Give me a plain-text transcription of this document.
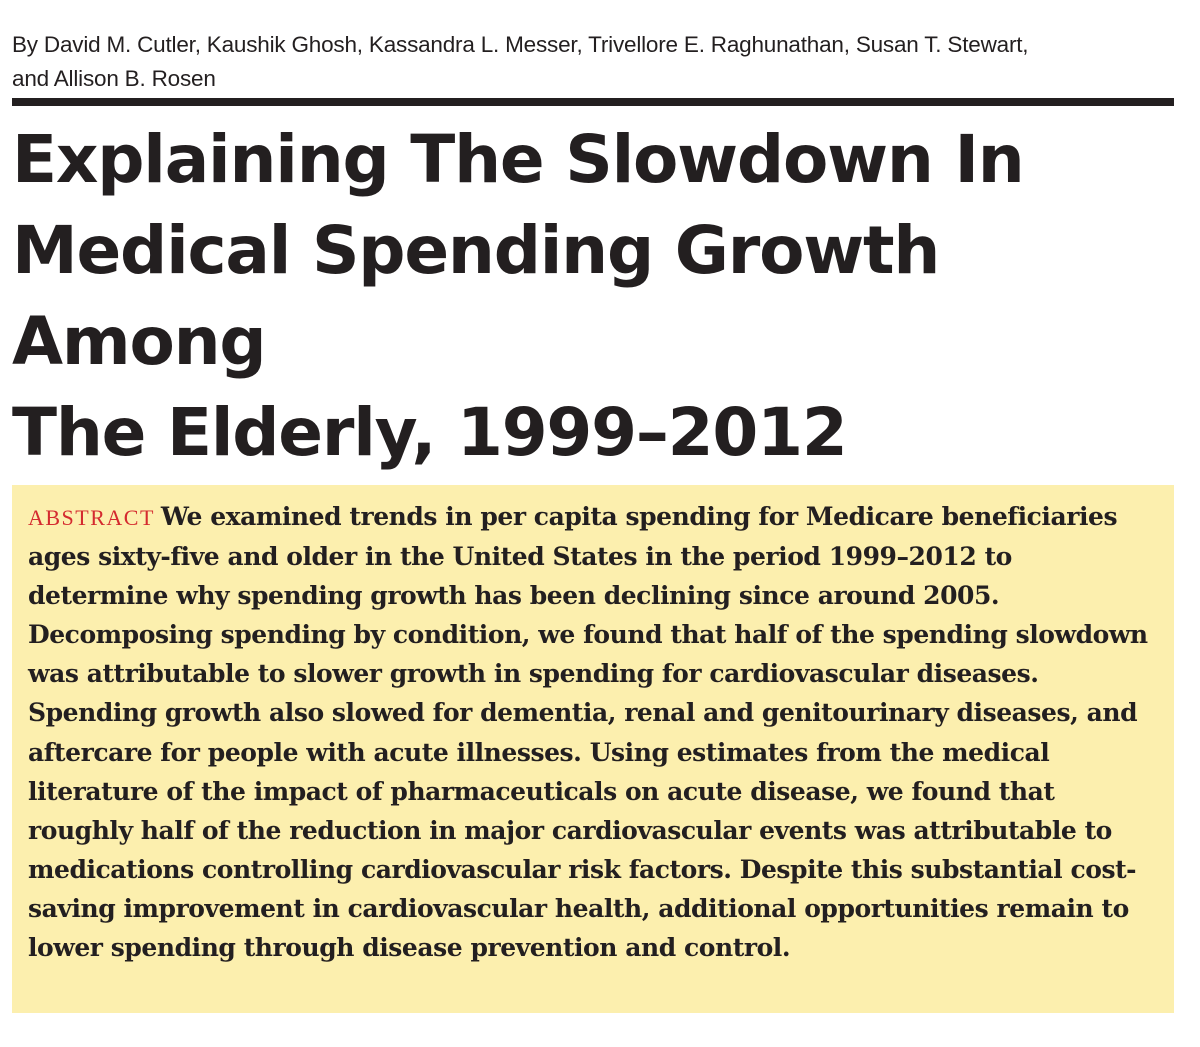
By David M. Cutler, Kaushik Ghosh, Kassandra L. Messer, Trivellore E. Raghunathan, Susan T. Stewart,
and Allison B. Rosen
Explaining The Slowdown In
Medical Spending Growth Among
The Elderly, 1999–2012

ABSTRACT We examined trends in per capita spending for Medicare beneficiaries ages sixty-five and older in the United States in the period 1999–2012 to determine why spending growth has been declining since around 2005. Decomposing spending by condition, we found that half of the spending slowdown was attributable to slower growth in spending for cardiovascular diseases. Spending growth also slowed for dementia, renal and genitourinary diseases, and aftercare for people with acute illnesses. Using estimates from the medical literature of the impact of pharmaceuticals on acute disease, we found that roughly half of the reduction in major cardiovascular events was attributable to medications controlling cardiovascular risk factors. Despite this substantial cost-saving improvement in cardiovascular health, additional opportunities remain to lower spending through disease prevention and control.
